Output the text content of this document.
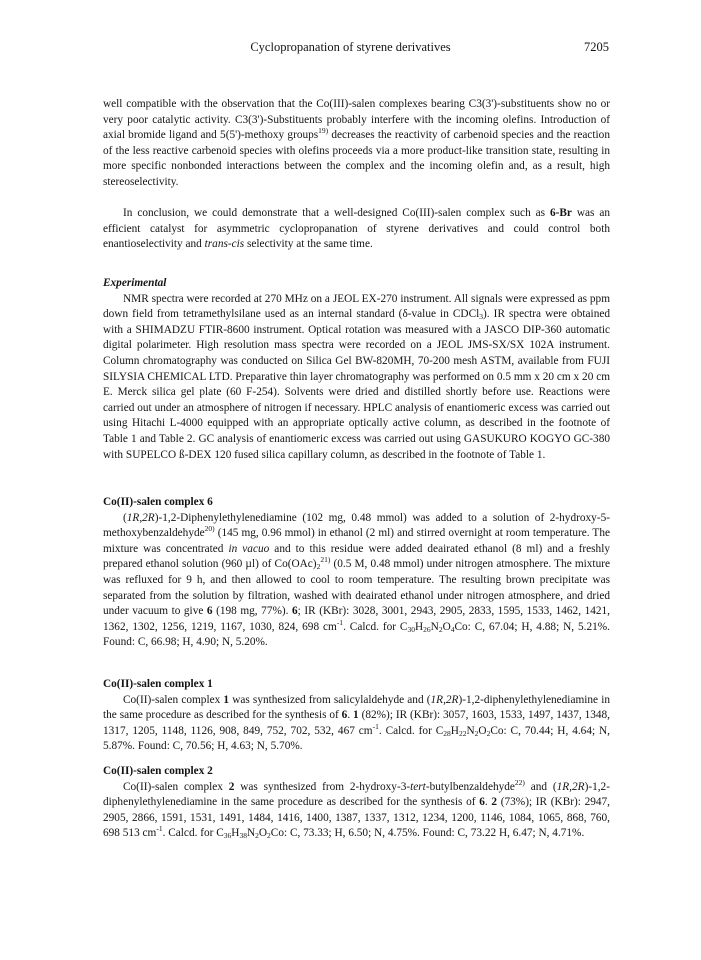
Cyclopropanation of styrene derivatives	7205

well compatible with the observation that the Co(III)-salen complexes bearing C3(3')-substituents show no or very poor catalytic activity. C3(3')-Substituents probably interfere with the incoming olefins. Introduction of axial bromide ligand and 5(5')-methoxy groups$^{19)}$ decreases the reactivity of carbenoid species and the reaction of the less reactive carbenoid species with olefins proceeds via a more product-like transition state, resulting in more specific nonbonded interactions between the complex and the incoming olefin and, as a result, high stereoselectivity.

In conclusion, we could demonstrate that a well-designed Co(III)-salen complex such as 6-Br was an efficient catalyst for asymmetric cyclopropanation of styrene derivatives and could control both enantioselectivity and trans-cis selectivity at the same time.

Experimental

NMR spectra were recorded at 270 MHz on a JEOL EX-270 instrument. All signals were expressed as ppm down field from tetramethylsilane used as an internal standard (δ-value in CDCl$_3$). IR spectra were obtained with a SHIMADZU FTIR-8600 instrument. Optical rotation was measured with a JASCO DIP-360 automatic digital polarimeter. High resolution mass spectra were recorded on a JEOL JMS-SX/SX 102A instrument. Column chromatography was conducted on Silica Gel BW-820MH, 70-200 mesh ASTM, available from FUJI SILYSIA CHEMICAL LTD. Preparative thin layer chromatography was performed on 0.5 mm x 20 cm x 20 cm E. Merck silica gel plate (60 F-254). Solvents were dried and distilled shortly before use. Reactions were carried out under an atmosphere of nitrogen if necessary. HPLC analysis of enantiomeric excess was carried out using Hitachi L-4000 equipped with an appropriate optically active column, as described in the footnote of Table 1 and Table 2. GC analysis of enantiomeric excess was carried out using GASUKURO KOGYO GC-380 with SUPELCO ß-DEX 120 fused silica capillary column, as described in the footnote of Table 1.

Co(II)-salen complex 6

(1R,2R)-1,2-Diphenylethylenediamine (102 mg, 0.48 mmol) was added to a solution of 2-hydroxy-5-methoxybenzaldehyde$^{20)}$ (145 mg, 0.96 mmol) in ethanol (2 ml) and stirred overnight at room temperature. The mixture was concentrated in vacuo and to this residue were added deairated ethanol (8 ml) and a freshly prepared ethanol solution (960 µl) of $Co(OAc)_2^{21)}$ (0.5 M, 0.48 mmol) under nitrogen atmosphere. The mixture was refluxed for 9 h, and then allowed to cool to room temperature. The resulting brown precipitate was separated from the solution by filtration, washed with deairated ethanol under nitrogen atmosphere, and dried under vacuum to give 6 (198 mg, 77%). 6; IR (KBr): 3028, 3001, 2943, 2905, 2833, 1595, 1533, 1462, 1421, 1362, 1302, 1256, 1219, 1167, 1030, 824, 698 $cm^{-1}$. Calcd. for $C_{30}H_{26}N_2O_4Co$: C, 67.04; H, 4.88; N, 5.21%. Found: C, 66.98; H, 4.90; N, 5.20%.

Co(II)-salen complex 1

Co(II)-salen complex 1 was synthesized from salicylaldehyde and (1R,2R)-1,2-diphenylethylenediamine in the same procedure as described for the synthesis of 6. 1 (82%); IR (KBr): 3057, 1603, 1533, 1497, 1437, 1348, 1317, 1205, 1148, 1126, 908, 849, 752, 702, 532, 467 $cm^{-1}$. Calcd. for $C_{28}H_{22}N_2O_2Co$: C, 70.44; H, 4.64; N, 5.87%. Found: C, 70.56; H, 4.63; N, 5.70%.

Co(II)-salen complex 2

Co(II)-salen complex 2 was synthesized from 2-hydroxy-3-tert-butylbenzaldehyde$^{22)}$ and (1R,2R)-1,2-diphenylethylenediamine in the same procedure as described for the synthesis of 6. 2 (73%); IR (KBr): 2947, 2905, 2866, 1591, 1531, 1491, 1484, 1416, 1400, 1387, 1337, 1312, 1234, 1200, 1146, 1084, 1065, 868, 760, 698 513 $cm^{-1}$. Calcd. for $C_{36}H_{38}N_2O_2Co$: C, 73.33; H, 6.50; N, 4.75%. Found: C, 73.22 H, 6.47; N, 4.71%.
